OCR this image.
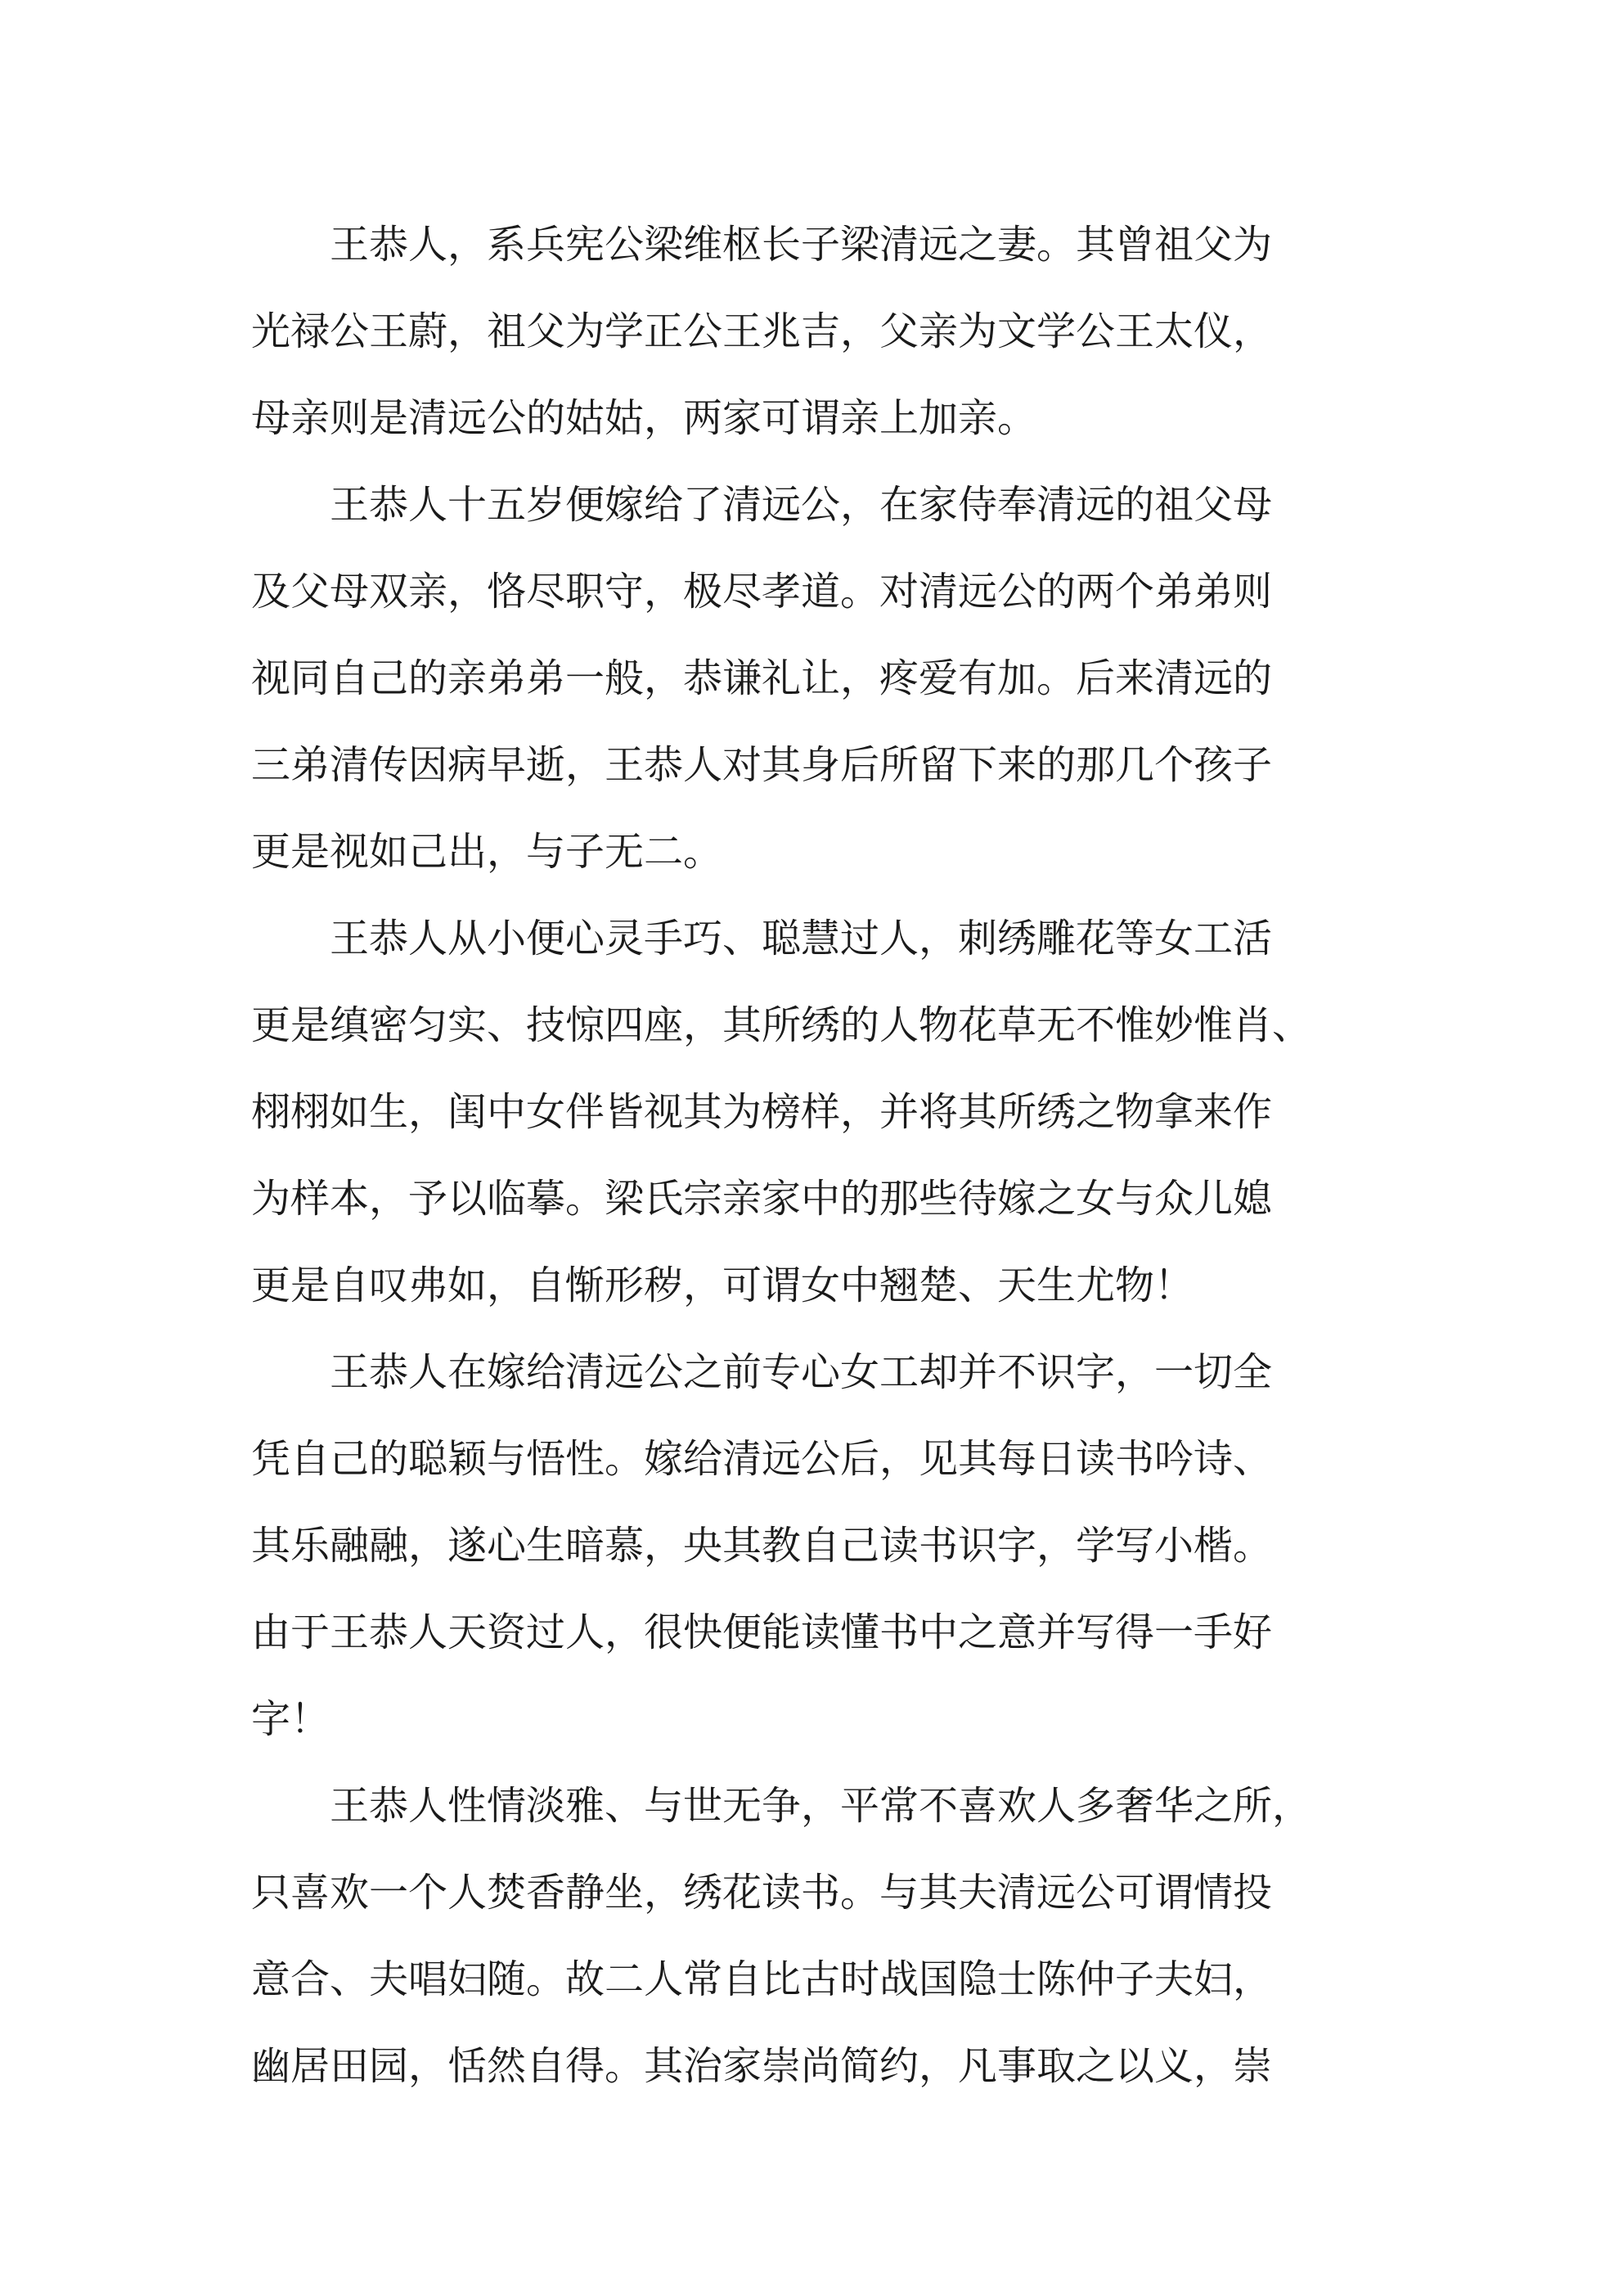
　　王恭人，系兵宪公梁维枢长子梁清远之妻。其曾祖父为
光禄公王蔚，祖父为学正公王兆吉，父亲为文学公王太仪，
母亲则是清远公的姑姑，两家可谓亲上加亲。
　　王恭人十五岁便嫁给了清远公，在家侍奉清远的祖父母
及父母双亲，恪尽职守，极尽孝道。对清远公的两个弟弟则
视同自己的亲弟弟一般，恭谦礼让，疼爱有加。后来清远的
三弟清传因病早逝，王恭人对其身后所留下来的那几个孩子
更是视如己出，与子无二。
　　王恭人从小便心灵手巧、聪慧过人，刺绣雕花等女工活
更是缜密匀实、技惊四座，其所绣的人物花草无不惟妙惟肖、
栩栩如生，闺中女伴皆视其为榜样，并将其所绣之物拿来作
为样本，予以临摹。梁氏宗亲家中的那些待嫁之女与众儿媳
更是自叹弗如，自惭形秽，可谓女中翘楚、天生尤物！
　　王恭人在嫁给清远公之前专心女工却并不识字，一切全
凭自己的聪颖与悟性。嫁给清远公后，见其每日读书吟诗、
其乐融融，遂心生暗慕，央其教自己读书识字，学写小楷。
由于王恭人天资过人，很快便能读懂书中之意并写得一手好
字！
　　王恭人性情淡雅、与世无争，平常不喜欢人多奢华之所，
只喜欢一个人焚香静坐，绣花读书。与其夫清远公可谓情投
意合、夫唱妇随。故二人常自比古时战国隐士陈仲子夫妇，
幽居田园，恬然自得。其治家崇尚简约，凡事取之以义，崇
